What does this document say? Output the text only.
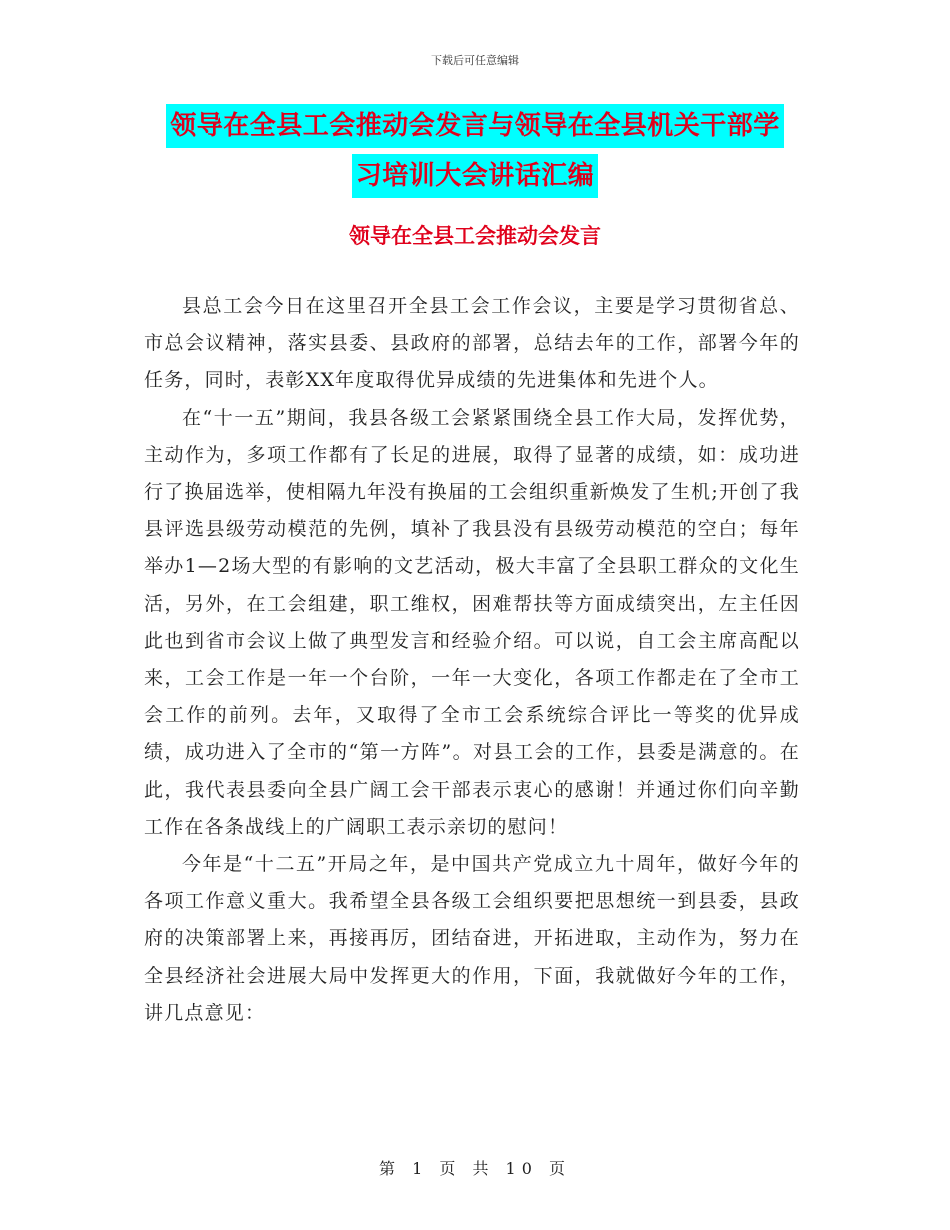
下载后可任意编辑
领导在全县工会推动会发言与领导在全县机关干部学
习培训大会讲话汇编
领导在全县工会推动会发言

县总工会今日在这里召开全县工会工作会议，主要是学习贯彻省总、市总会议精神，落实县委、县政府的部署，总结去年的工作，部署今年的任务，同时，表彰XX年度取得优异成绩的先进集体和先进个人。

在“十一五”期间，我县各级工会紧紧围绕全县工作大局，发挥优势，主动作为，多项工作都有了长足的进展，取得了显著的成绩，如：成功进行了换届选举，使相隔九年没有换届的工会组织重新焕发了生机;开创了我县评选县级劳动模范的先例，填补了我县没有县级劳动模范的空白；每年举办1—2场大型的有影响的文艺活动，极大丰富了全县职工群众的文化生活，另外，在工会组建，职工维权，困难帮扶等方面成绩突出，左主任因此也到省市会议上做了典型发言和经验介绍。可以说，自工会主席高配以来，工会工作是一年一个台阶，一年一大变化，各项工作都走在了全市工会工作的前列。去年，又取得了全市工会系统综合评比一等奖的优异成绩，成功进入了全市的“第一方阵”。对县工会的工作，县委是满意的。在此，我代表县委向全县广阔工会干部表示衷心的感谢！并通过你们向辛勤工作在各条战线上的广阔职工表示亲切的慰问！

今年是“十二五”开局之年，是中国共产党成立九十周年，做好今年的各项工作意义重大。我希望全县各级工会组织要把思想统一到县委，县政府的决策部署上来，再接再厉，团结奋进，开拓进取，主动作为，努力在全县经济社会进展大局中发挥更大的作用，下面，我就做好今年的工作，讲几点意见：

第 1 页 共 10 页
